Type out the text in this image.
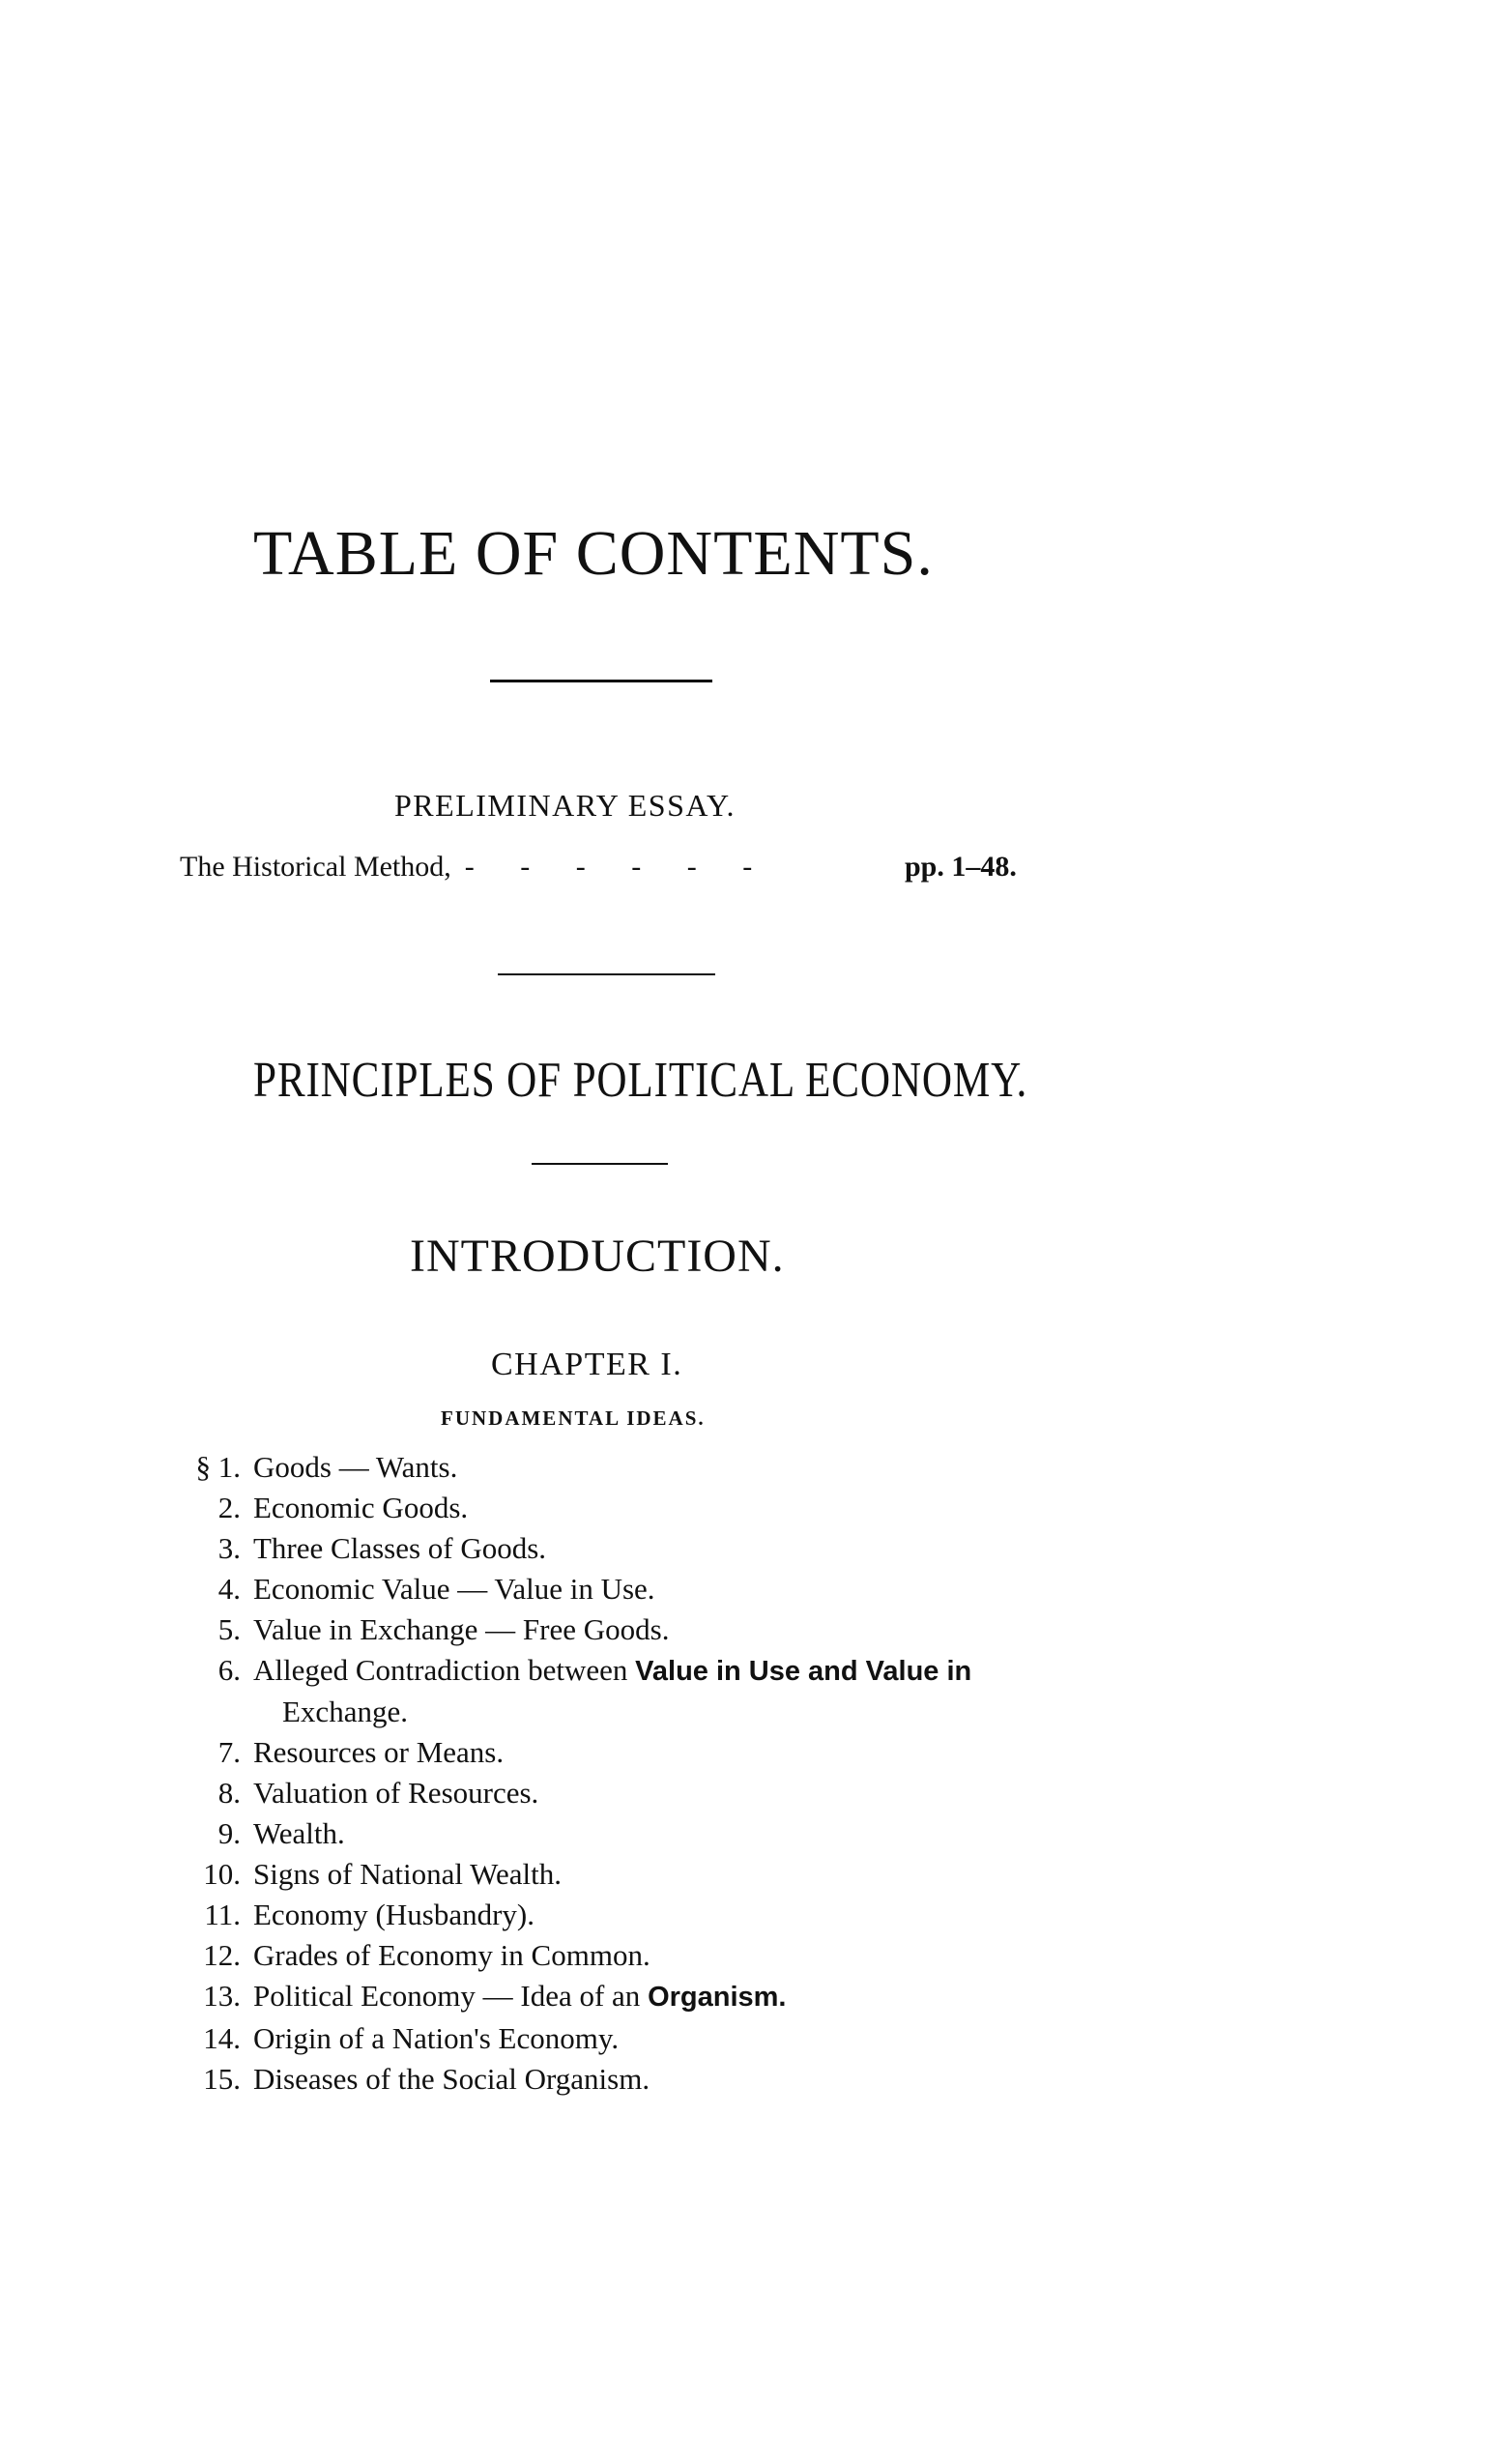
TABLE OF CONTENTS.
PRELIMINARY ESSAY.
The Historical Method, - - - - - -	pp. 1–48.
PRINCIPLES OF POLITICAL ECONOMY.
INTRODUCTION.
CHAPTER I.
FUNDAMENTAL IDEAS.
§ 1. Goods — Wants.
2. Economic Goods.
3. Three Classes of Goods.
4. Economic Value — Value in Use.
5. Value in Exchange — Free Goods.
6. Alleged Contradiction between Value in Use and Value in
Exchange.
7. Resources or Means.
8. Valuation of Resources.
9. Wealth.
10. Signs of National Wealth.
11. Economy (Husbandry).
12. Grades of Economy in Common.
13. Political Economy — Idea of an Organism.
14. Origin of a Nation's Economy.
15. Diseases of the Social Organism.
